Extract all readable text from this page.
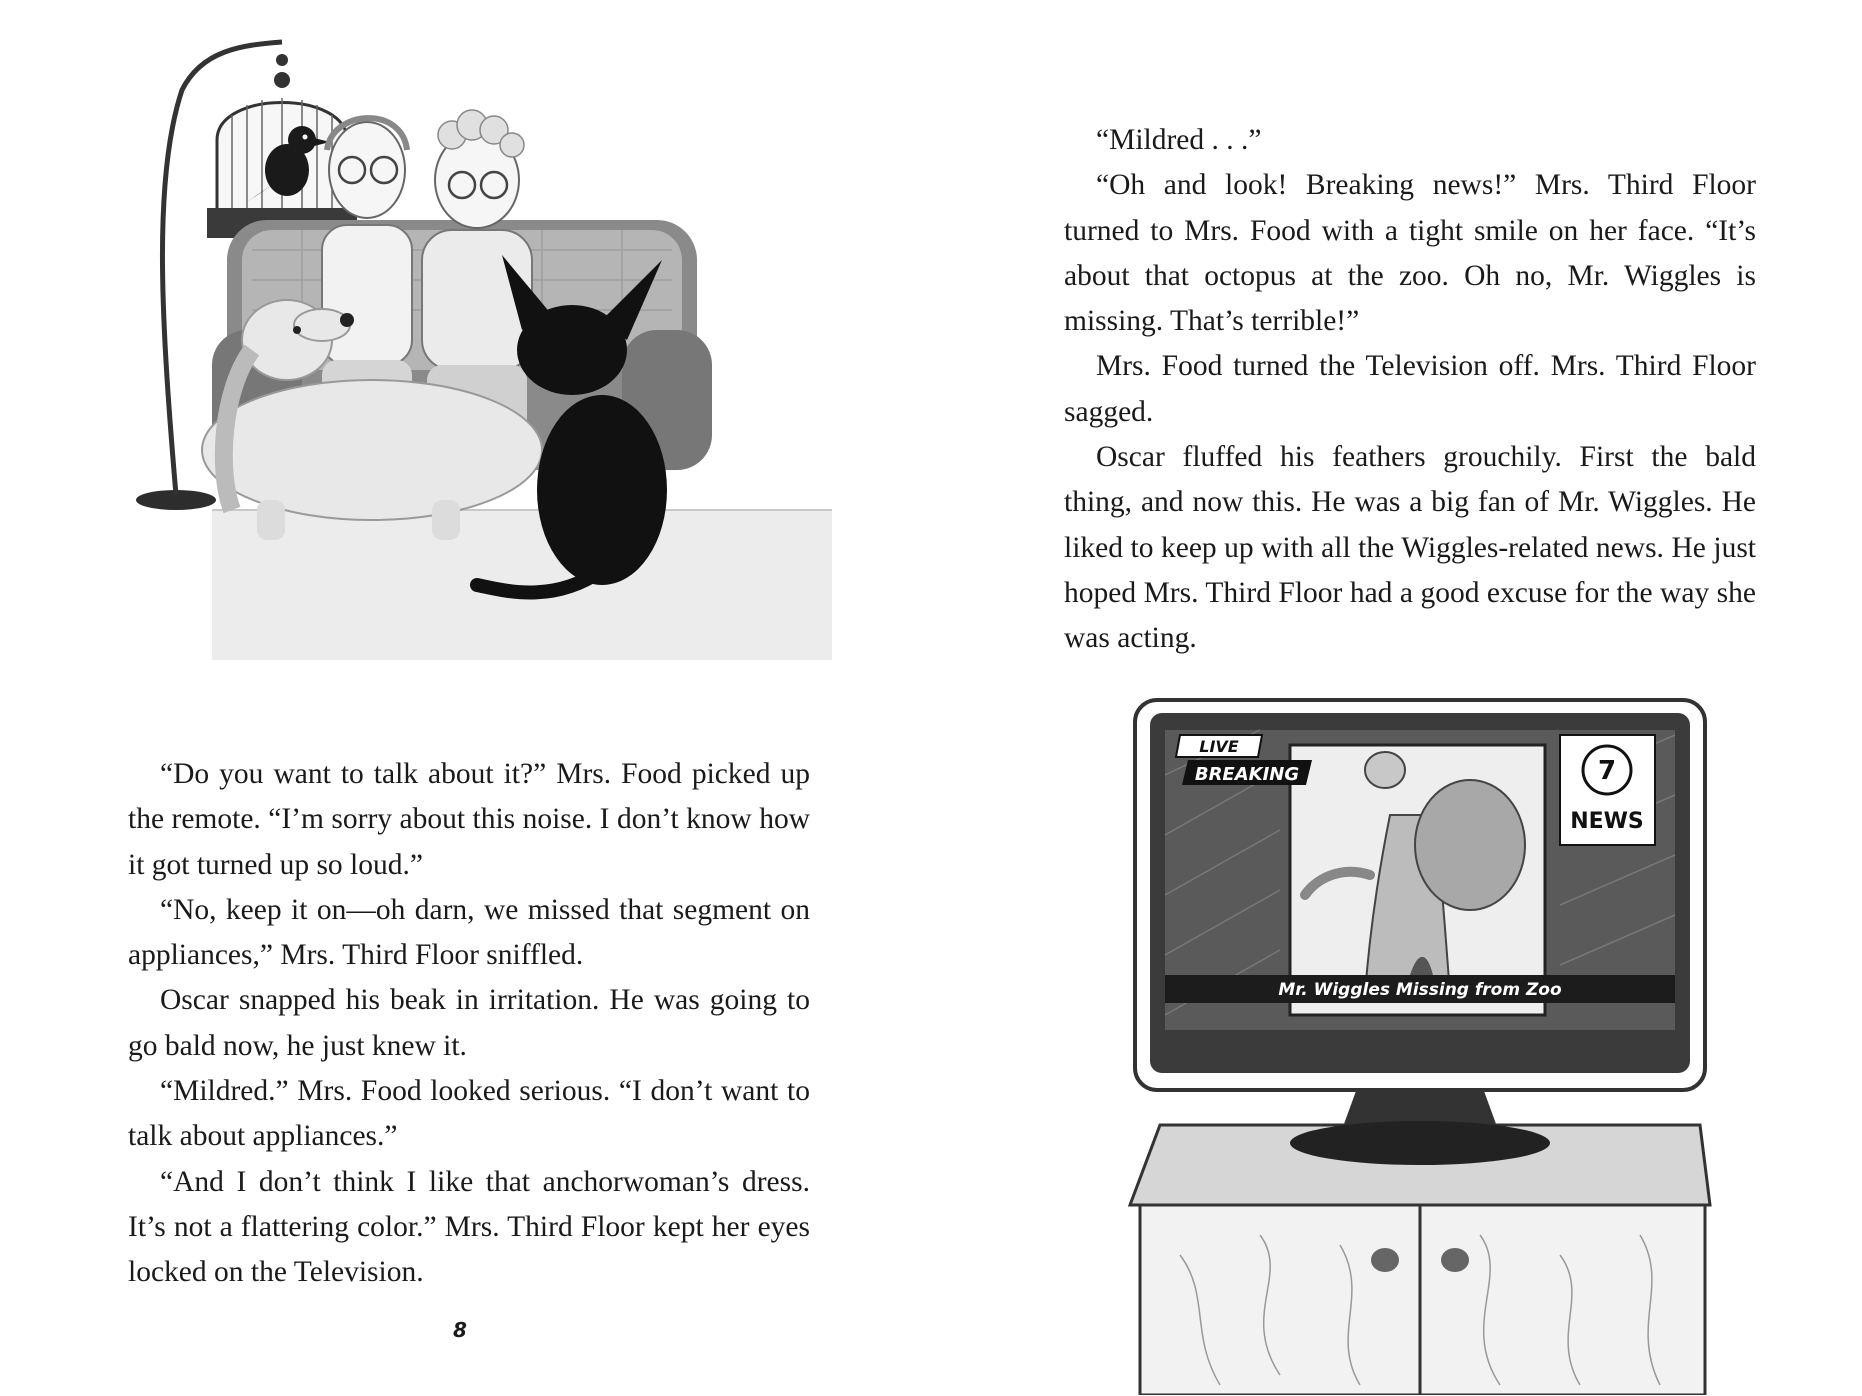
“Do you want to talk about it?” Mrs. Food picked up the remote. “I’m sorry about this noise. I don’t know how it got turned up so loud.”

“No, keep it on—oh darn, we missed that segment on appliances,” Mrs. Third Floor sniffled.

Oscar snapped his beak in irritation. He was going to go bald now, he just knew it.

“Mildred.” Mrs. Food looked serious. “I don’t want to talk about appliances.”

“And I don’t think I like that anchorwoman’s dress. It’s not a flattering color.” Mrs. Third Floor kept her eyes locked on the Television.

8

“Mildred . . .”

“Oh and look! Breaking news!” Mrs. Third Floor turned to Mrs. Food with a tight smile on her face. “It’s about that octopus at the zoo. Oh no, Mr. Wiggles is missing. That’s terrible!”

Mrs. Food turned the Television off. Mrs. Third Floor sagged.

Oscar fluffed his feathers grouchily. First the bald thing, and now this. He was a big fan of Mr. Wiggles. He liked to keep up with all the Wiggles-related news. He just hoped Mrs. Third Floor had a good excuse for the way she was acting.

LIVE
BREAKING	7
NEWS
Mr. Wiggles Missing from Zoo
